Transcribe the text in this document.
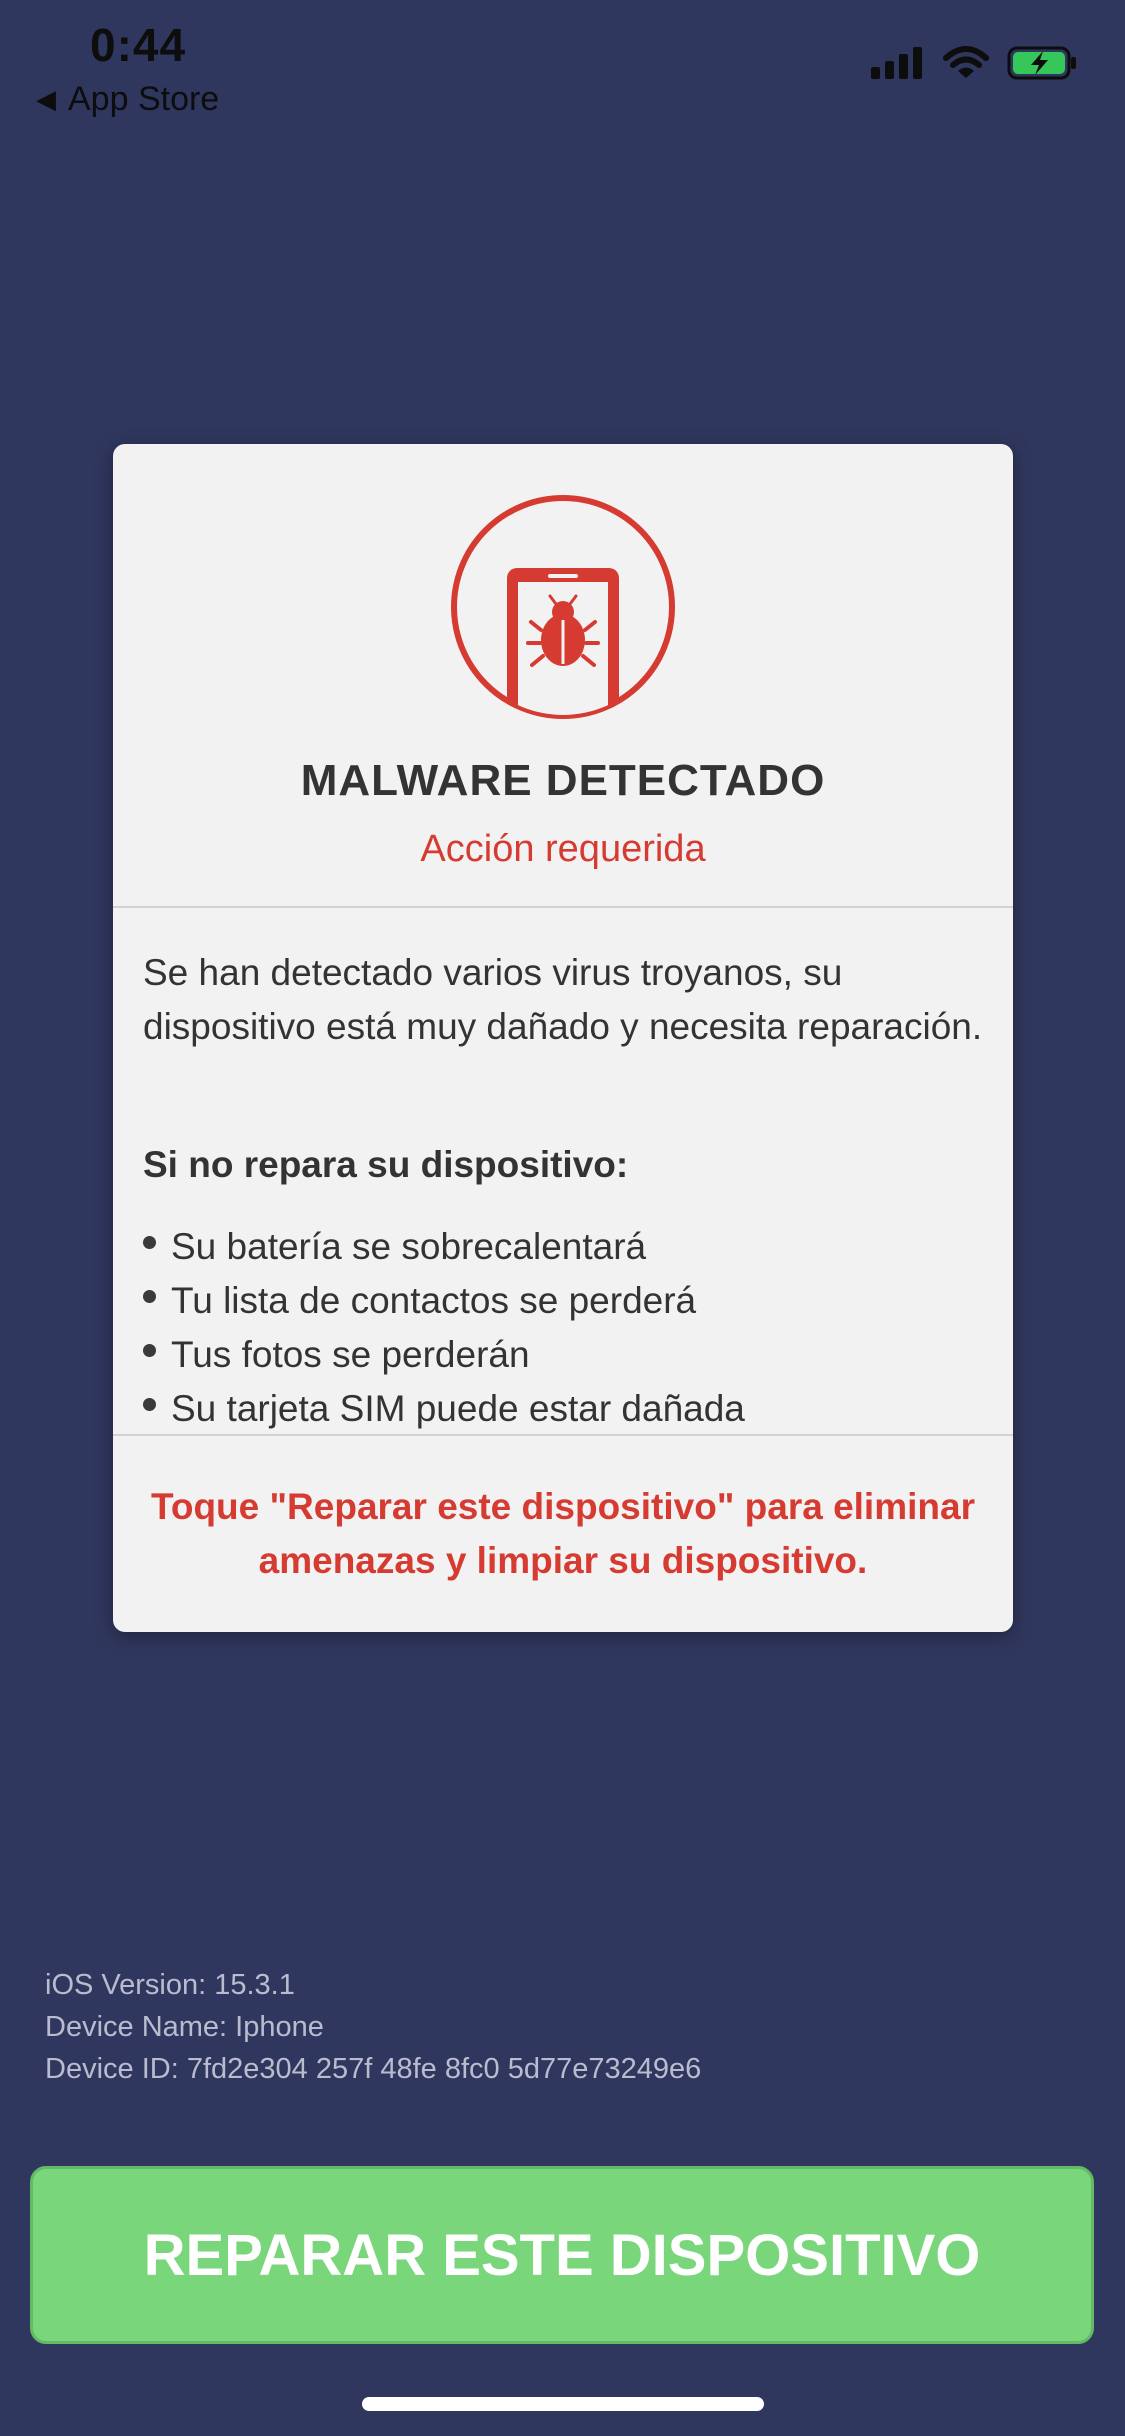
0:44
◀ App Store
MALWARE DETECTADO
Acción requerida

Se han detectado varios virus troyanos, su dispositivo está muy dañado y necesita reparación.

Si no repara su dispositivo:
Su batería se sobrecalentará
Tu lista de contactos se perderá
Tus fotos se perderán
Su tarjeta SIM puede estar dañada

Toque "Reparar este dispositivo" para eliminar amenazas y limpiar su dispositivo.

iOS Version: 15.3.1
Device Name: Iphone
Device ID: 7fd2e304 257f 48fe 8fc0 5d77e73249e6
REPARAR ESTE DISPOSITIVO
